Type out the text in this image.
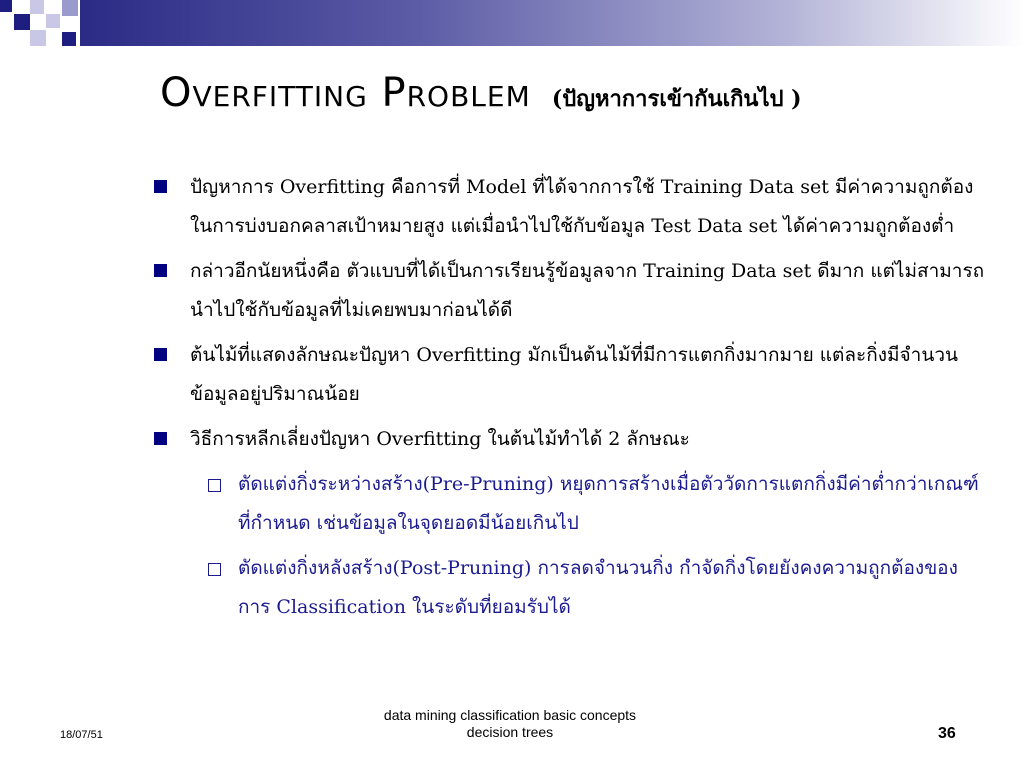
Overfitting Problem (ปัญหาการเข้ากันเกินไป )
ปัญหาการ Overfitting คือการที่ Model ที่ได้จากการใช้ Training Data set มีค่าความถูกต้องในการบ่งบอกคลาสเป้าหมายสูง แต่เมื่อนำไปใช้กับข้อมูล Test Data set ได้ค่าความถูกต้องต่ำ
กล่าวอีกนัยหนึ่งคือ ตัวแบบที่ได้เป็นการเรียนรู้ข้อมูลจาก Training Data set ดีมาก แต่ไม่สามารถนำไปใช้กับข้อมูลที่ไม่เคยพบมาก่อนได้ดี
ต้นไม้ที่แสดงลักษณะปัญหา Overfitting มักเป็นต้นไม้ที่มีการแตกกิ่งมากมาย แต่ละกิ่งมีจำนวนข้อมูลอยู่ปริมาณน้อย
วิธีการหลีกเลี่ยงปัญหา Overfitting ในต้นไม้ทำได้ 2 ลักษณะ
ตัดแต่งกิ่งระหว่างสร้าง(Pre-Pruning) หยุดการสร้างเมื่อตัววัดการแตกกิ่งมีค่าต่ำกว่าเกณฑ์ที่กำหนด เช่นข้อมูลในจุดยอดมีน้อยเกินไป
ตัดแต่งกิ่งหลังสร้าง(Post-Pruning) การลดจำนวนกิ่ง กำจัดกิ่งโดยยังคงความถูกต้องของการ Classification ในระดับที่ยอมรับได้
18/07/51
data mining classification basic concepts decision trees	36
